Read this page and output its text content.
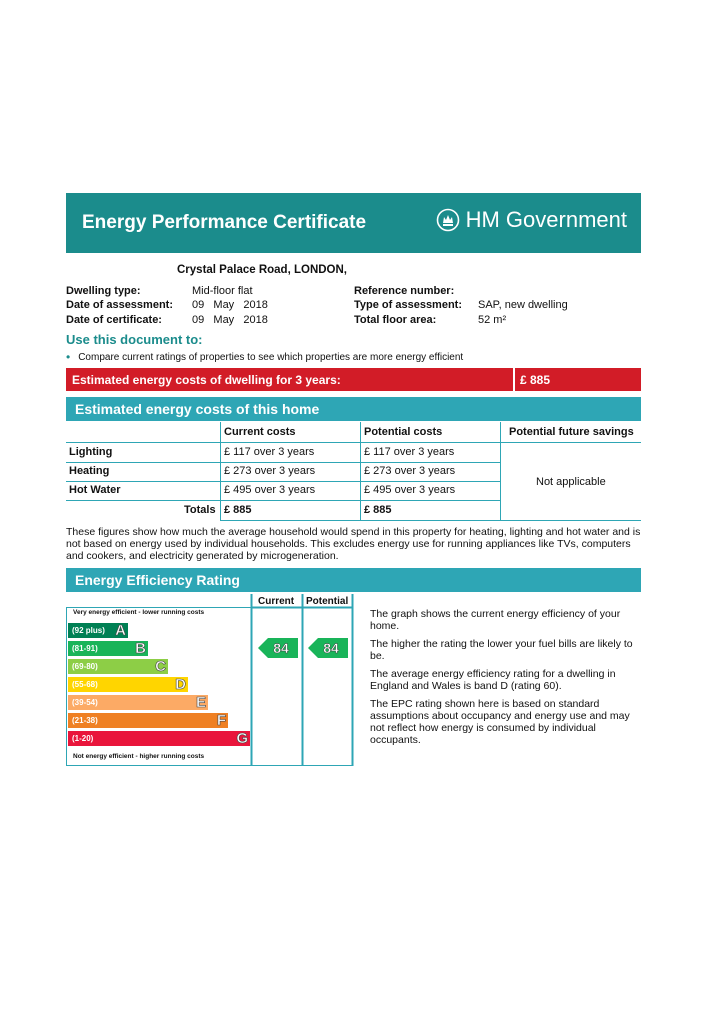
Energy Performance Certificate	HM Government
Crystal Palace Road, LONDON,
Dwelling type:	Mid-floor flat
Date of assessment: 09   May   2018
Date of certificate:	09   May   2018
Reference number:
Type of assessment: SAP, new dwelling
Total floor area:	52 m²
Use this document to:
• Compare current ratings of properties to see which properties are more energy efficient
Estimated energy costs of dwelling for 3 years:	£ 885
Estimated energy costs of this home
Current costs	Potential costs	Potential future savings
Lighting	£ 117 over 3 years	£ 117 over 3 years
Heating	£ 273 over 3 years	£ 273 over 3 years
Hot Water	£ 495 over 3 years	£ 495 over 3 years
Totals £ 885	£ 885
Not applicable
These figures show how much the average household would spend in this property for heating, lighting and hot water and is not based on energy used by individual households. This excludes energy use for running appliances like TVs, computers and cookers, and electricity generated by microgeneration.
Energy Efficiency Rating
Current Potential
Very energy efficient - lower running costs
Not energy efficient - higher running costs
(92 plus) A
(81-91) B
(69-80)	C
(55-68)	D
(39-54)	E
(21-38)	F
(1-20)	G
84	84

The graph shows the current energy efficiency of your home.

The higher the rating the lower your fuel bills are likely to be.

The average energy efficiency rating for a dwelling in England and Wales is band D (rating 60).

The EPC rating shown here is based on standard assumptions about occupancy and energy use and may not reflect how energy is consumed by individual occupants.
